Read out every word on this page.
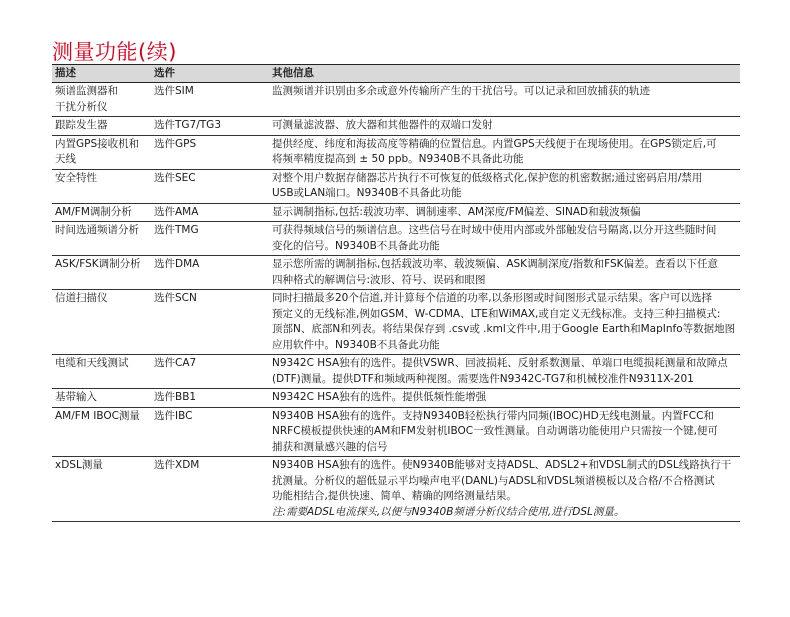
测量功能(续)
描述	选件	其他信息

频谱监测器和
干扰分析仪	选件SIM	监测频谱并识别由多余或意外传输所产生的干扰信号。可以记录和回放捕获的轨迹

跟踪发生器	选件TG7/TG3	可测量滤波器、放大器和其他器件的双端口发射

内置GPS接收机和
天线	选件GPS	提供经度、纬度和海拔高度等精确的位置信息。内置GPS天线便于在现场使用。在GPS锁定后,可
将频率精度提高到 ± 50 ppb。N9340B不具备此功能

安全特性	选件SEC	对整个用户数据存储器芯片执行不可恢复的低级格式化,保护您的机密数据;通过密码启用/禁用
USB或LAN端口。N9340B不具备此功能

AM/FM调制分析	选件AMA	显示调制指标,包括:载波功率、调制速率、AM深度/FM偏差、SINAD和载波频偏

时间选通频谱分析	选件TMG	可获得频域信号的频谱信息。这些信号在时域中使用内部或外部触发信号隔离,以分开这些随时间
变化的信号。N9340B不具备此功能

ASK/FSK调制分析	选件DMA	显示您所需的调制指标,包括载波功率、载波频偏、ASK调制深度/指数和FSK偏差。查看以下任意
四种格式的解调信号:波形、符号、误码和眼图

信道扫描仪	选件SCN	同时扫描最多20个信道,并计算每个信道的功率,以条形图或时间图形式显示结果。客户可以选择
预定义的无线标准,例如GSM、W-CDMA、LTE和WiMAX,或自定义无线标准。支持三种扫描模式:
顶部N、底部N和列表。将结果保存到 .csv或 .kml文件中,用于Google Earth和MapInfo等数据地图
应用软件中。N9340B不具备此功能

电缆和天线测试	选件CA7	N9342C HSA独有的选件。提供VSWR、回波损耗、反射系数测量、单端口电缆损耗测量和故障点
(DTF)测量。提供DTF和频域两种视图。需要选件N9342C-TG7和机械校准件N9311X-201

基带输入	选件BB1	N9342C HSA独有的选件。提供低频性能增强

AM/FM IBOC测量	选件IBC	N9340B HSA独有的选件。支持N9340B轻松执行带内同频(IBOC)HD无线电测量。内置FCC和
NRFC模板提供快速的AM和FM发射机IBOC一致性测量。自动调谐功能使用户只需按一个键,便可
捕获和测量感兴趣的信号

xDSL测量	选件XDM	N9340B HSA独有的选件。使N9340B能够对支持ADSL、ADSL2+和VDSL制式的DSL线路执行干
扰测量。分析仪的超低显示平均噪声电平(DANL)与ADSL和VDSL频谱模板以及合格/不合格测试
功能相结合,提供快速、简单、精确的网络测量结果。
注:需要ADSL电流探头,以便与N9340B频谱分析仪结合使用,进行DSL测量。
